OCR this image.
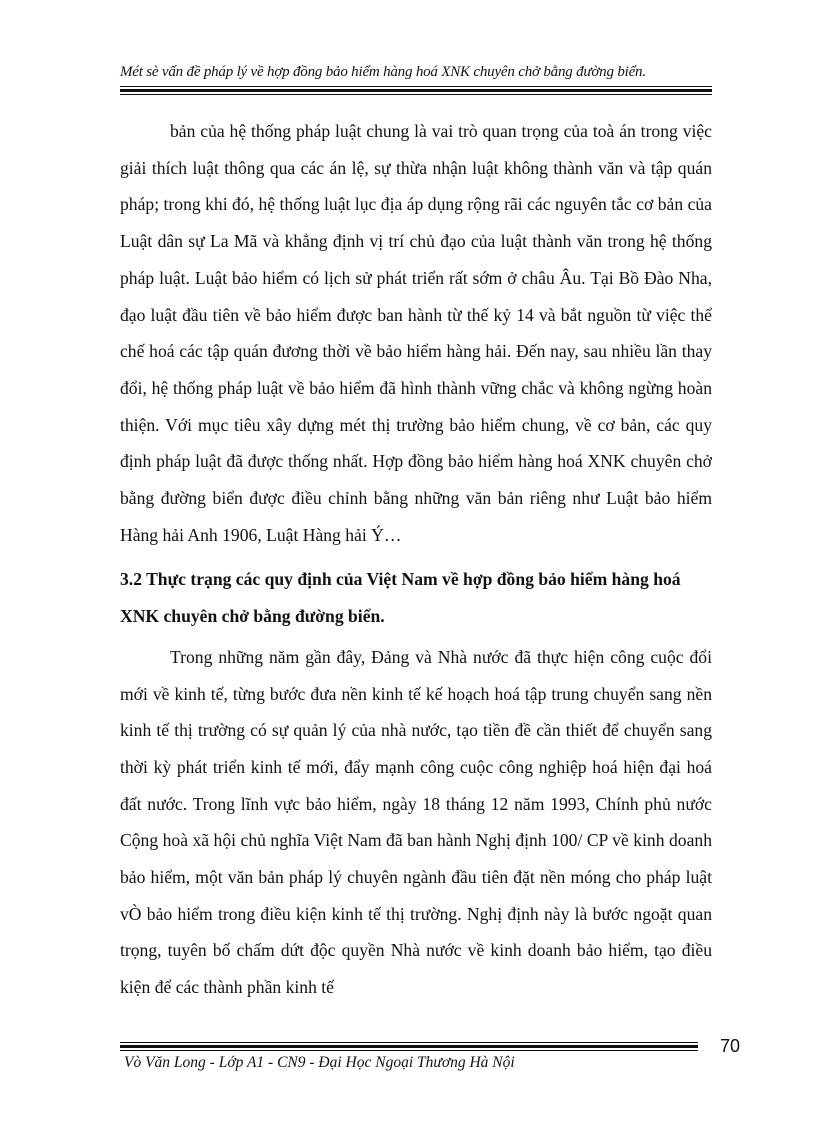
Mét sè vấn đề pháp lý về hợp đồng bảo hiểm hàng hoá XNK chuyên chở bằng đường biển.

bản của hệ thống pháp luật chung là vai trò quan trọng của toà án trong việc giải thích luật thông qua các án lệ, sự thừa nhận luật không thành văn và tập quán pháp; trong khi đó, hệ thống luật lục địa áp dụng rộng rãi các nguyên tắc cơ bản của Luật dân sự La Mã và khẳng định vị trí chủ đạo của luật thành văn trong hệ thống pháp luật. Luật bảo hiểm có lịch sử phát triển rất sớm ở châu Âu. Tại Bồ Đào Nha, đạo luật đầu tiên về bảo hiểm được ban hành từ thế kỷ 14 và bắt nguồn từ việc thể chế hoá các tập quán đương thời về bảo hiểm hàng hải. Đến nay, sau nhiều lần thay đổi, hệ thống pháp luật về bảo hiểm đã hình thành vững chắc và không ngừng hoàn thiện. Với mục tiêu xây dựng mét thị trường bảo hiểm chung, về cơ bản, các quy định pháp luật đã được thống nhất. Hợp đồng bảo hiểm hàng hoá XNK chuyên chở bằng đường biển được điều chỉnh bằng những văn bản riêng như Luật bảo hiểm Hàng hải Anh 1906, Luật Hàng hải Ý…

3.2 Thực trạng các quy định của Việt Nam về hợp đồng bảo hiểm hàng hoá XNK chuyên chở bằng đường biển.

Trong những năm gần đây, Đảng và Nhà nước đã thực hiện công cuộc đổi mới về kinh tế, từng bước đưa nền kinh tế kế hoạch hoá tập trung chuyển sang nền kinh tế thị trường có sự quản lý của nhà nước, tạo tiền đề cần thiết để chuyển sang thời kỳ phát triển kinh tế mới, đẩy mạnh công cuộc công nghiệp hoá hiện đại hoá đất nước. Trong lĩnh vực bảo hiểm, ngày 18 tháng 12 năm 1993, Chính phủ nước Cộng hoà xã hội chủ nghĩa Việt Nam đã ban hành Nghị định 100/ CP về kinh doanh bảo hiểm, một văn bản pháp lý chuyên ngành đầu tiên đặt nền móng cho pháp luật vÒ bảo hiểm trong điều kiện kinh tế thị trường. Nghị định này là bước ngoặt quan trọng, tuyên bố chấm dứt độc quyền Nhà nước về kinh doanh bảo hiểm, tạo điều kiện để các thành phần kinh tế

70
Vò Văn Long - Lớp A1 - CN9 - Đại Học Ngoại Thương Hà Nội
